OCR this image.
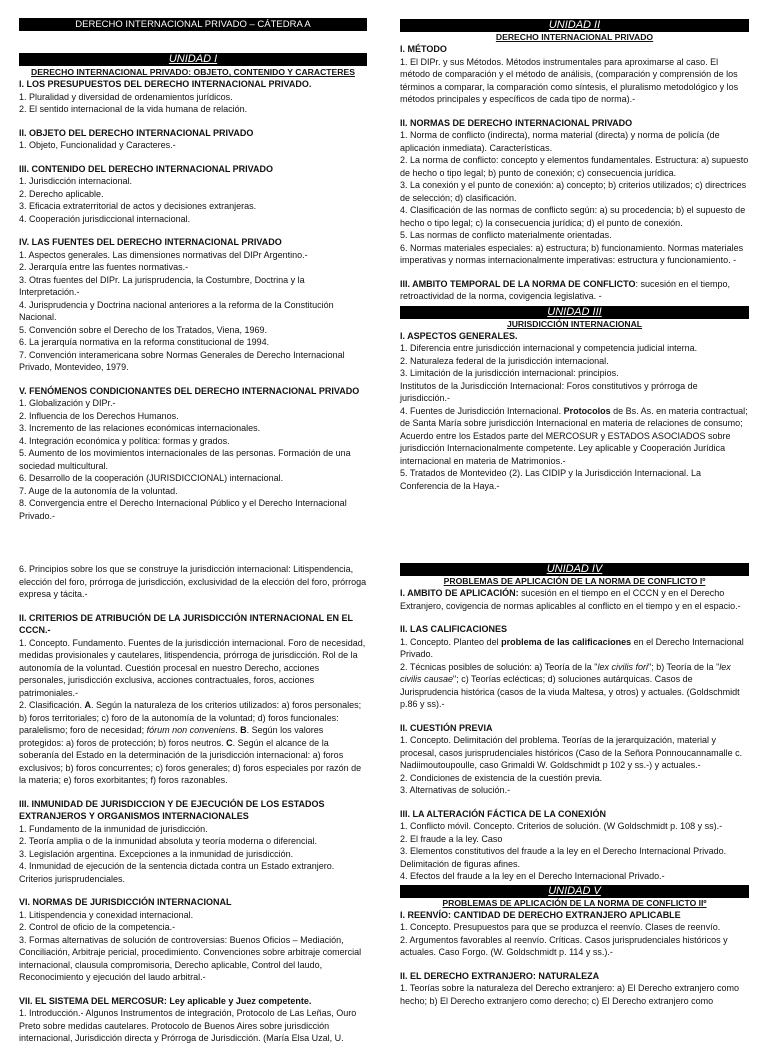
DERECHO INTERNACIONAL PRIVADO – CÁTEDRA A
UNIDAD I
DERECHO INTERNACIONAL PRIVADO: OBJETO, CONTENIDO Y CARACTERES

I. LOS PRESUPUESTOS DEL DERECHO INTERNACIONAL PRIVADO.

1. Pluralidad y diversidad de ordenamientos jurídicos.

2. El sentido internacional de la vida humana de relación.

II. OBJETO DEL DERECHO INTERNACIONAL PRIVADO

1. Objeto, Funcionalidad y Caracteres.-

III. CONTENIDO DEL DERECHO INTERNACIONAL PRIVADO

1. Jurisdicción internacional.

2. Derecho aplicable.

3. Eficacia extraterritorial de actos y decisiones extranjeras.

4. Cooperación jurisdiccional internacional.

IV. LAS FUENTES DEL DERECHO INTERNACIONAL PRIVADO

1. Aspectos generales. Las dimensiones normativas del DIPr Argentino.-

2. Jerarquía entre las fuentes normativas.-

3. Otras fuentes del DIPr. La jurisprudencia, la Costumbre, Doctrina y la Interpretación.-

4. Jurisprudencia y Doctrina nacional anteriores a la reforma de la Constitución Nacional.

5. Convención sobre el Derecho de los Tratados, Viena, 1969.

6. La jerarquía normativa en la reforma constitucional de 1994.

7. Convención interamericana sobre Normas Generales de Derecho Internacional Privado, Montevideo, 1979.

V. FENÓMENOS CONDICIONANTES DEL DERECHO INTERNACIONAL PRIVADO

1. Globalización y DIPr.-

2. Influencia de los Derechos Humanos.

3. Incremento de las relaciones económicas internacionales.

4. Integración económica y política: formas y grados.

5. Aumento de los movimientos internacionales de las personas. Formación de una sociedad multicultural.

6. Desarrollo de la cooperación (JURISDICCIONAL) internacional.

7. Auge de la autonomía de la voluntad.

8. Convergencia entre el Derecho Internacional Público y el Derecho Internacional Privado.-

UNIDAD II
DERECHO INTERNACIONAL PRIVADO

I. MÉTODO

1. El DIPr. y sus Métodos. Métodos instrumentales para aproximarse al caso. El método de comparación y el método de análisis, (comparación y comprensión de los términos a comparar, la comparación como síntesis, el pluralismo metodológico y los métodos principales y específicos de cada tipo de norma).-

II. NORMAS DE DERECHO INTERNACIONAL PRIVADO

1. Norma de conflicto (indirecta), norma material (directa) y norma de policía (de aplicación inmediata). Características.

2. La norma de conflicto: concepto y elementos fundamentales. Estructura: a) supuesto de hecho o tipo legal; b) punto de conexión; c) consecuencia jurídica.

3. La conexión y el punto de conexión: a) concepto; b) criterios utilizados; c) directrices de selección; d) clasificación.

4. Clasificación de las normas de conflicto según: a) su procedencia; b) el supuesto de hecho o tipo legal; c) la consecuencia jurídica; d) el punto de conexión.

5. Las normas de conflicto materialmente orientadas.

6. Normas materiales especiales: a) estructura; b) funcionamiento. Normas materiales imperativas y normas internacionalmente imperativas: estructura y funcionamiento. -

III. AMBITO TEMPORAL DE LA NORMA DE CONFLICTO: sucesión en el tiempo, retroactividad de la norma, covigencia legislativa. -

UNIDAD III
JURISDICCIÓN INTERNACIONAL

I. ASPECTOS GENERALES.

1. Diferencia entre jurisdicción internacional y competencia judicial interna.

2. Naturaleza federal de la jurisdicción internacional.

3. Limitación de la jurisdicción internacional: principios.

Institutos de la Jurisdicción Internacional: Foros constitutivos y prórroga de jurisdicción.-

4. Fuentes de Jurisdicción Internacional. Protocolos de Bs. As. en materia contractual; de Santa María sobre jurisdicción Internacional en materia de relaciones de consumo; Acuerdo entre los Estados parte del MERCOSUR y ESTADOS ASOCIADOS sobre jurisdicción Internacionalmente competente. Ley aplicable y Cooperación Jurídica internacional en materia de Matrimonios.-

5. Tratados de Montevideo (2). Las CIDIP y la Jurisdicción Internacional. La Conferencia de la Haya.-

6. Principios sobre los que se construye la jurisdicción internacional: Litispendencia, elección del foro, prórroga de jurisdicción, exclusividad de la elección del foro, prórroga expresa y tácita.-

II. CRITERIOS DE ATRIBUCIÓN DE LA JURISDICCIÓN INTERNACIONAL EN EL CCCN.-

1. Concepto. Fundamento. Fuentes de la jurisdicción internacional. Foro de necesidad, medidas provisionales y cautelares, litispendencia, prórroga de jurisdicción. Rol de la autonomía de la voluntad. Cuestión procesal en nuestro Derecho, acciones personales, jurisdicción exclusiva, acciones contractuales, foros, acciones patrimoniales.-

2. Clasificación. A. Según la naturaleza de los criterios utilizados: a) foros personales; b) foros territoriales; c) foro de la autonomía de la voluntad; d) foros funcionales: paralelismo; foro de necesidad; fórum non conveniens. B. Según los valores protegidos: a) foros de protección; b) foros neutros. C. Según el alcance de la soberanía del Estado en la determinación de la jurisdicción internacional: a) foros exclusivos; b) foros concurrentes; c) foros generales; d) foros especiales por razón de la materia; e) foros exorbitantes; f) foros razonables.

III. INMUNIDAD DE JURISDICCION Y DE EJECUCIÓN DE LOS ESTADOS EXTRANJEROS Y ORGANISMOS INTERNACIONALES

1. Fundamento de la inmunidad de jurisdicción.

2. Teoría amplia o de la inmunidad absoluta y teoría moderna o diferencial.

3. Legislación argentina. Excepciones a la inmunidad de jurisdicción.

4. Inmunidad de ejecución de la sentencia dictada contra un Estado extranjero. Criterios jurisprudenciales.

VI. NORMAS DE JURISDICCIÓN INTERNACIONAL

1. Litispendencia y conexidad internacional.

2. Control de oficio de la competencia.-

3. Formas alternativas de solución de controversias: Buenos Oficios – Mediación, Conciliación, Arbitraje pericial, procedimiento. Convenciones sobre arbitraje comercial internacional, clausula compromisoria, Derecho aplicable, Control del laudo, Reconocimiento y ejecución del laudo arbitral.-

VII. EL SISTEMA DEL MERCOSUR: Ley aplicable y Juez competente.

1. Introducción.- Algunos Instrumentos de integración, Protocolo de Las Leñas, Ouro Preto sobre medidas cautelares. Protocolo de Buenos Aires sobre jurisdicción internacional, Jurisdicción directa y Prórroga de Jurisdicción. (María Elsa Uzal, U.

UNIDAD IV
PROBLEMAS DE APLICACIÓN DE LA NORMA DE CONFLICTO Iº

I. AMBITO DE APLICACIÓN: sucesión en el tiempo en el CCCN y en el Derecho Extranjero, covigencia de normas aplicables al conflicto en el tiempo y en el espacio.-

II. LAS CALIFICACIONES

1. Concepto. Planteo del problema de las calificaciones en el Derecho Internacional Privado.

2. Técnicas posibles de solución: a) Teoría de la "lex civilis fori"; b) Teoría de la "lex civilis causae"; c) Teorías eclécticas; d) soluciones autárquicas. Casos de Jurisprudencia histórica (casos de la viuda Maltesa, y otros) y actuales. (Goldschmidt p.86 y ss).-

II. CUESTIÓN PREVIA

1. Concepto. Delimitación del problema. Teorías de la jerarquización, material y procesal, casos jurisprudenciales históricos (Caso de la Señora Ponnoucannamalle c. Nadiimoutoupoulle, caso Grimaldi W. Goldschmidt p 102 y ss.-) y actuales.-

2. Condiciones de existencia de la cuestión previa.

3. Alternativas de solución.-

III. LA ALTERACIÓN FÁCTICA DE LA CONEXIÓN

1. Conflicto móvil. Concepto. Criterios de solución. (W Goldschmidt p. 108 y ss).-

2. El fraude a la ley. Caso

3. Elementos constitutivos del fraude a la ley en el Derecho Internacional Privado. Delimitación de figuras afines.

4. Efectos del fraude a la ley en el Derecho Internacional Privado.-

UNIDAD V
PROBLEMAS DE APLICACIÓN DE LA NORMA DE CONFLICTO IIº

I. REENVÍO: CANTIDAD DE DERECHO EXTRANJERO APLICABLE

1. Concepto. Presupuestos para que se produzca el reenvío. Clases de reenvío.

2. Argumentos favorables al reenvío. Críticas. Casos jurisprudenciales históricos y actuales. Caso Forgo. (W. Goldschmidt p. 114 y ss.).-

II. EL DERECHO EXTRANJERO: NATURALEZA

1. Teorías sobre la naturaleza del Derecho extranjero: a) El Derecho extranjero como hecho; b) El Derecho extranjero como derecho; c) El Derecho extranjero como
